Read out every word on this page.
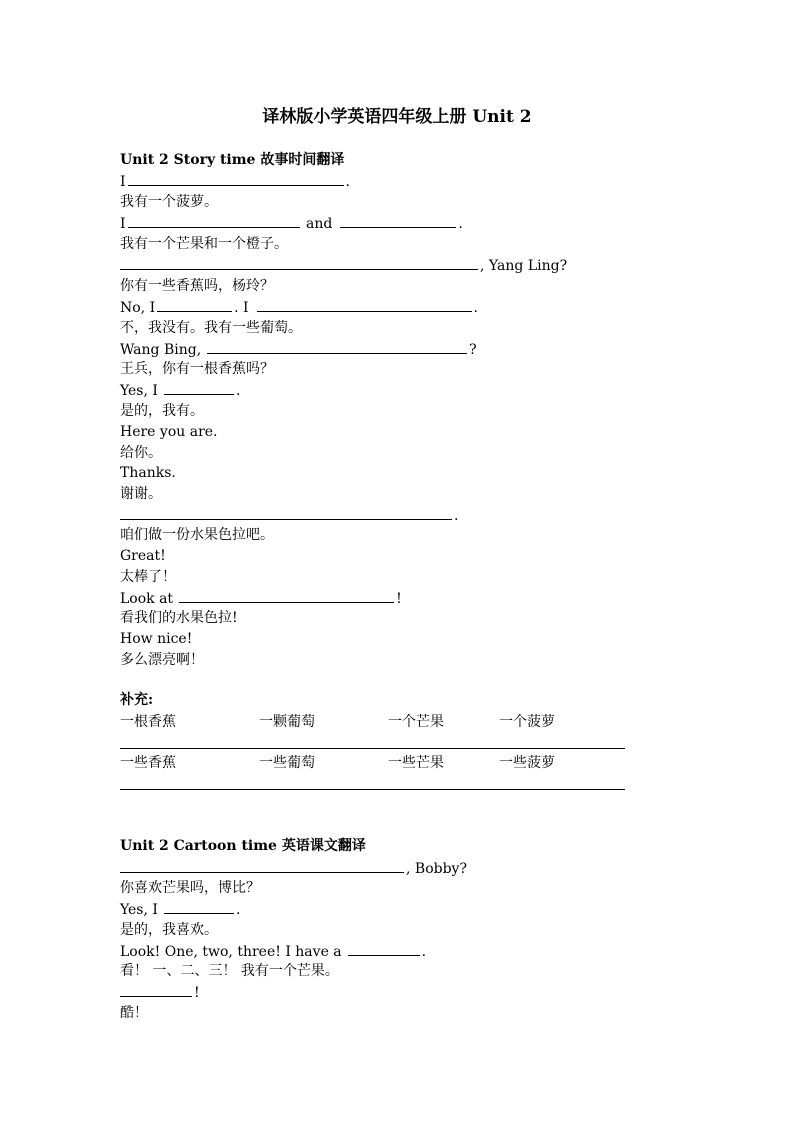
译林版小学英语四年级上册 Unit 2
Unit 2 Story time 故事时间翻译
I	.
我有一个菠萝。
I	and	.
我有一个芒果和一个橙子。
, Yang Ling?
你有一些香蕉吗，杨玲？
No, I	. I	.
不，我没有。我有一些葡萄。
Wang Bing,	?
王兵，你有一根香蕉吗？
Yes, I	.
是的，我有。
Here you are.
给你。
Thanks.
谢谢。
.
咱们做一份水果色拉吧。
Great!
太棒了！
Look at	!
看我们的水果色拉!
How nice!
多么漂亮啊！
补充:
一根香蕉	一颗葡萄	一个芒果	一个菠萝
一些香蕉	一些葡萄	一些芒果	一些菠萝
Unit 2 Cartoon time 英语课文翻译
, Bobby?
你喜欢芒果吗，博比？
Yes, I	.
是的，我喜欢。
Look! One, two, three! I have a	.
看！ 一、二、三！ 我有一个芒果。
!
酷！
